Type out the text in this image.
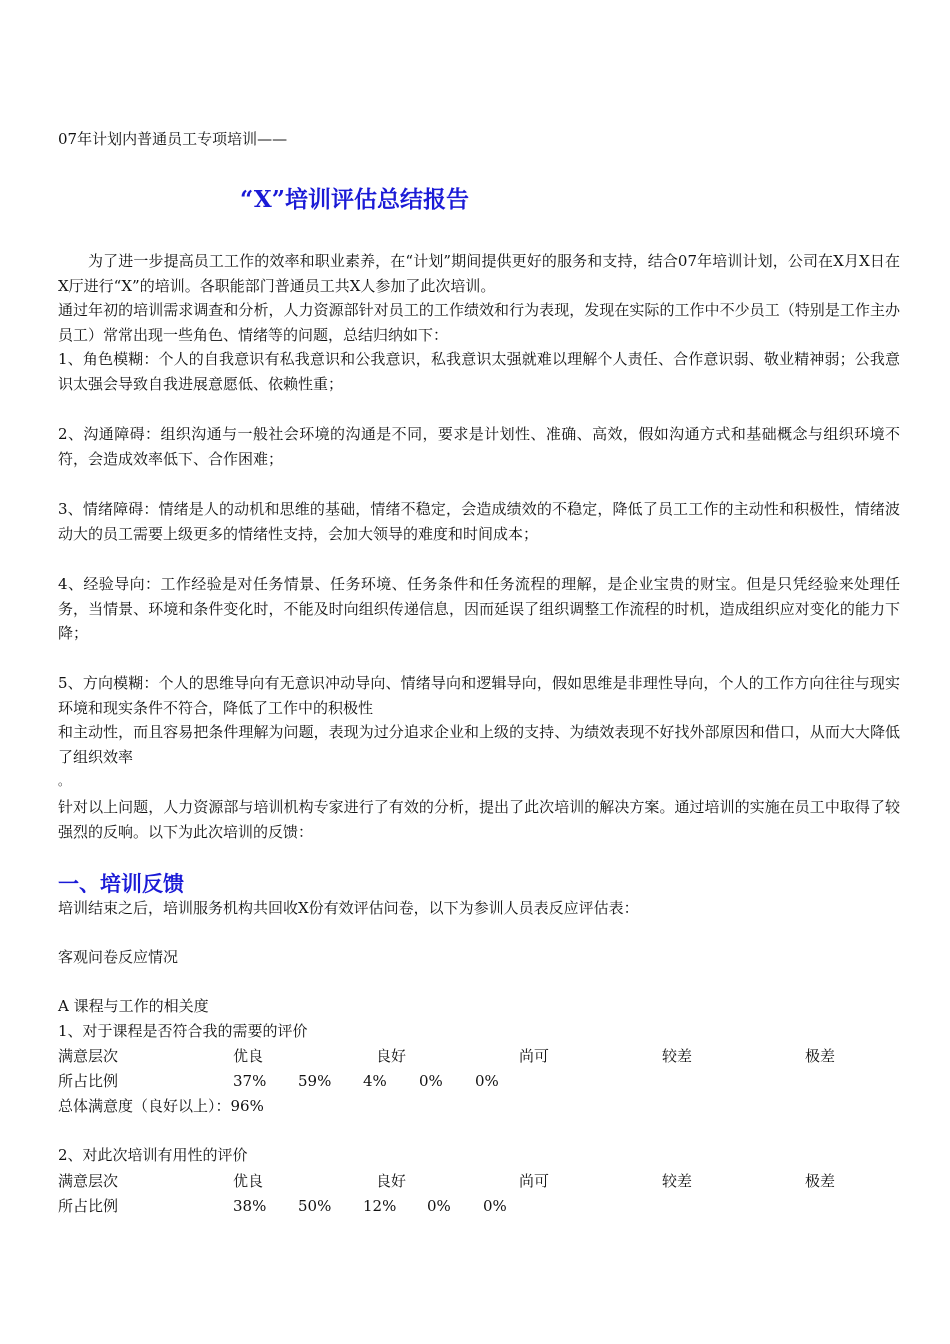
07年计划内普通员工专项培训——
“X”培训评估总结报告
为了进一步提高员工工作的效率和职业素养，在“计划”期间提供更好的服务和支持，结合07年培训计划，公司在X月X日在X厅进行“X”的培训。各职能部门普通员工共X人参加了此次培训。
通过年初的培训需求调查和分析，人力资源部针对员工的工作绩效和行为表现，发现在实际的工作中不少员工（特别是工作主办员工）常常出现一些角色、情绪等的问题，总结归纳如下：
1、角色模糊：个人的自我意识有私我意识和公我意识，私我意识太强就难以理解个人责任、合作意识弱、敬业精神弱；公我意识太强会导致自我进展意愿低、依赖性重；
2、沟通障碍：组织沟通与一般社会环境的沟通是不同，要求是计划性、准确、高效，假如沟通方式和基础概念与组织环境不符，会造成效率低下、合作困难；
3、情绪障碍：情绪是人的动机和思维的基础，情绪不稳定，会造成绩效的不稳定，降低了员工工作的主动性和积极性，情绪波动大的员工需要上级更多的情绪性支持，会加大领导的难度和时间成本；
4、经验导向：工作经验是对任务情景、任务环境、任务条件和任务流程的理解，是企业宝贵的财宝。但是只凭经验来处理任务，当情景、环境和条件变化时，不能及时向组织传递信息，因而延误了组织调整工作流程的时机，造成组织应对变化的能力下降；
5、方向模糊：个人的思维导向有无意识冲动导向、情绪导向和逻辑导向，假如思维是非理性导向，个人的工作方向往往与现实环境和现实条件不符合，降低了工作中的积极性
和主动性，而且容易把条件理解为问题，表现为过分追求企业和上级的支持、为绩效表现不好找外部原因和借口，从而大大降低了组织效率
。
针对以上问题，人力资源部与培训机构专家进行了有效的分析，提出了此次培训的解决方案。通过培训的实施在员工中取得了较强烈的反响。以下为此次培训的反馈：
一、培训反馈
培训结束之后，培训服务机构共回收X份有效评估问卷，以下为参训人员表反应评估表：
客观问卷反应情况
A 课程与工作的相关度
1、对于课程是否符合我的需要的评价
满意层次	优良	良好	尚可	较差	极差
所占比例	37% 59% 4% 0% 0%
总体满意度（良好以上）：96%
2、对此次培训有用性的评价
满意层次	优良	良好	尚可	较差	极差
所占比例	38% 50% 12% 0% 0%
